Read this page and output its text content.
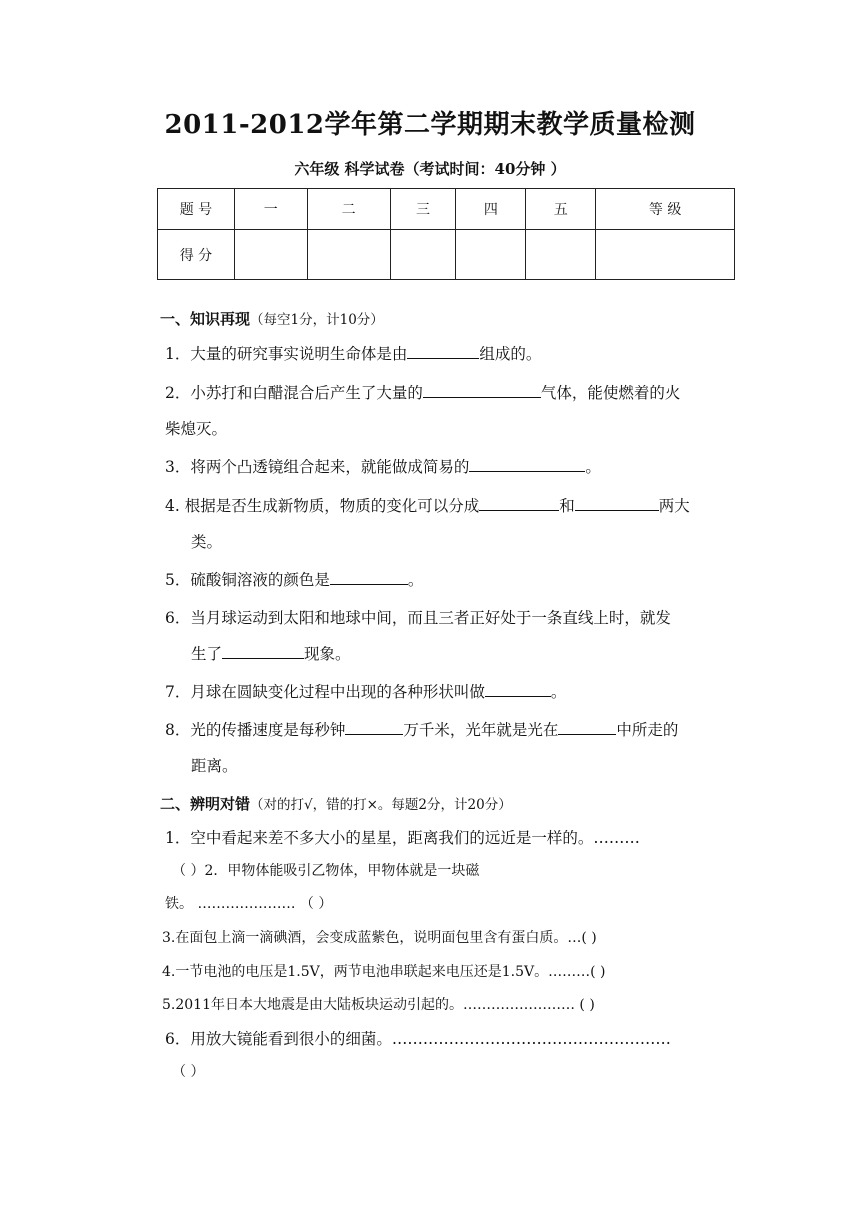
2011-2012学年第二学期期末教学质量检测
六年级 科学试卷（考试时间：40分钟 ）
题 号	一	二	三	四	五	等 级
得 分						
一、知识再现（每空1分，计10分）
1．大量的研究事实说明生命体是由	组成的。
2．小苏打和白醋混合后产生了大量的	气体，能使燃着的火
柴熄灭。
3．将两个凸透镜组合起来，就能做成简易的	。
4. 根据是否生成新物质，物质的变化可以分成	和	两大
类。
5．硫酸铜溶液的颜色是	。
6．当月球运动到太阳和地球中间，而且三者正好处于一条直线上时，就发
生了	现象。
7．月球在圆缺变化过程中出现的各种形状叫做	。
8．光的传播速度是每秒钟	万千米，光年就是光在	中所走的
距离。
二、辨明对错（对的打√，错的打×。每题2分，计20分）
1．空中看起来差不多大小的星星，距离我们的远近是一样的。………
（ ）2．甲物体能吸引乙物体，甲物体就是一块磁
铁。 ………………… （ ）
3.在面包上滴一滴碘酒，会变成蓝紫色，说明面包里含有蛋白质。…( )
4.一节电池的电压是1.5V，两节电池串联起来电压还是1.5V。………( )
5.2011年日本大地震是由大陆板块运动引起的。…………………… ( )
6．用放大镜能看到很小的细菌。………………………………………………
（ ）
